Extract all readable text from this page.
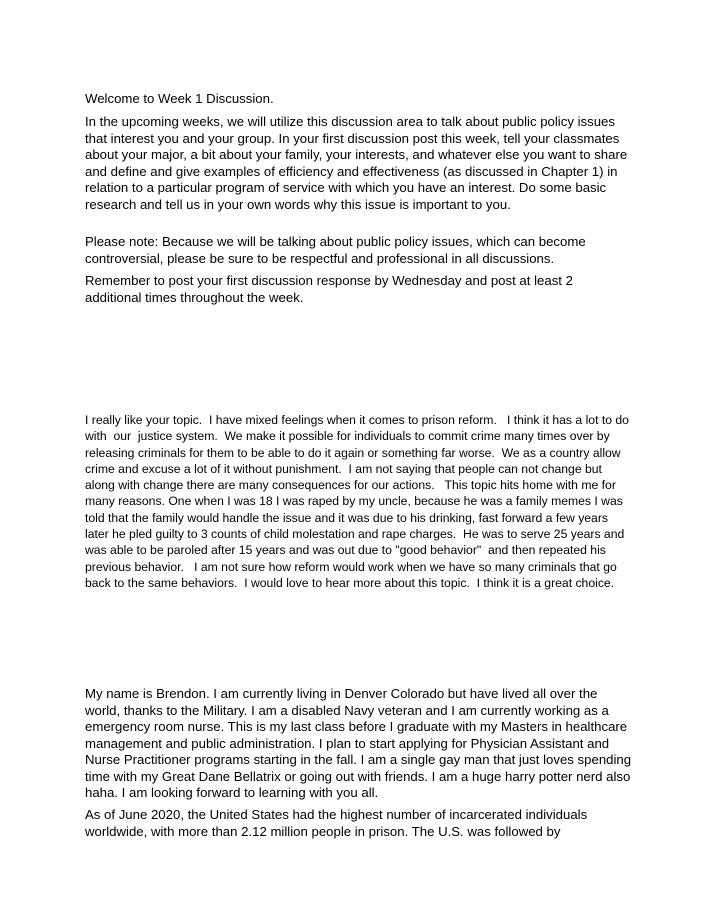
Welcome to Week 1 Discussion.

In the upcoming weeks, we will utilize this discussion area to talk about public policy issues that interest you and your group. In your first discussion post this week, tell your classmates about your major, a bit about your family, your interests, and whatever else you want to share and define and give examples of efficiency and effectiveness (as discussed in Chapter 1) in relation to a particular program of service with which you have an interest. Do some basic research and tell us in your own words why this issue is important to you.

Please note: Because we will be talking about public policy issues, which can become controversial, please be sure to be respectful and professional in all discussions.

Remember to post your first discussion response by Wednesday and post at least 2 additional times throughout the week.

I really like your topic.  I have mixed feelings when it comes to prison reform.   I think it has a lot to do with  our  justice system.  We make it possible for individuals to commit crime many times over by releasing criminals for them to be able to do it again or something far worse.  We as a country allow crime and excuse a lot of it without punishment.  I am not saying that people can not change but along with change there are many consequences for our actions.   This topic hits home with me for many reasons. One when I was 18 I was raped by my uncle, because he was a family memes I was told that the family would handle the issue and it was due to his drinking, fast forward a few years later he pled guilty to 3 counts of child molestation and rape charges.  He was to serve 25 years and was able to be paroled after 15 years and was out due to "good behavior"  and then repeated his previous behavior.   I am not sure how reform would work when we have so many criminals that go back to the same behaviors.  I would love to hear more about this topic.  I think it is a great choice.

My name is Brendon. I am currently living in Denver Colorado but have lived all over the world, thanks to the Military. I am a disabled Navy veteran and I am currently working as a emergency room nurse. This is my last class before I graduate with my Masters in healthcare management and public administration. I plan to start applying for Physician Assistant and Nurse Practitioner programs starting in the fall. I am a single gay man that just loves spending time with my Great Dane Bellatrix or going out with friends. I am a huge harry potter nerd also haha. I am looking forward to learning with you all.

As of June 2020, the United States had the highest number of incarcerated individuals worldwide, with more than 2.12 million people in prison. The U.S. was followed by
